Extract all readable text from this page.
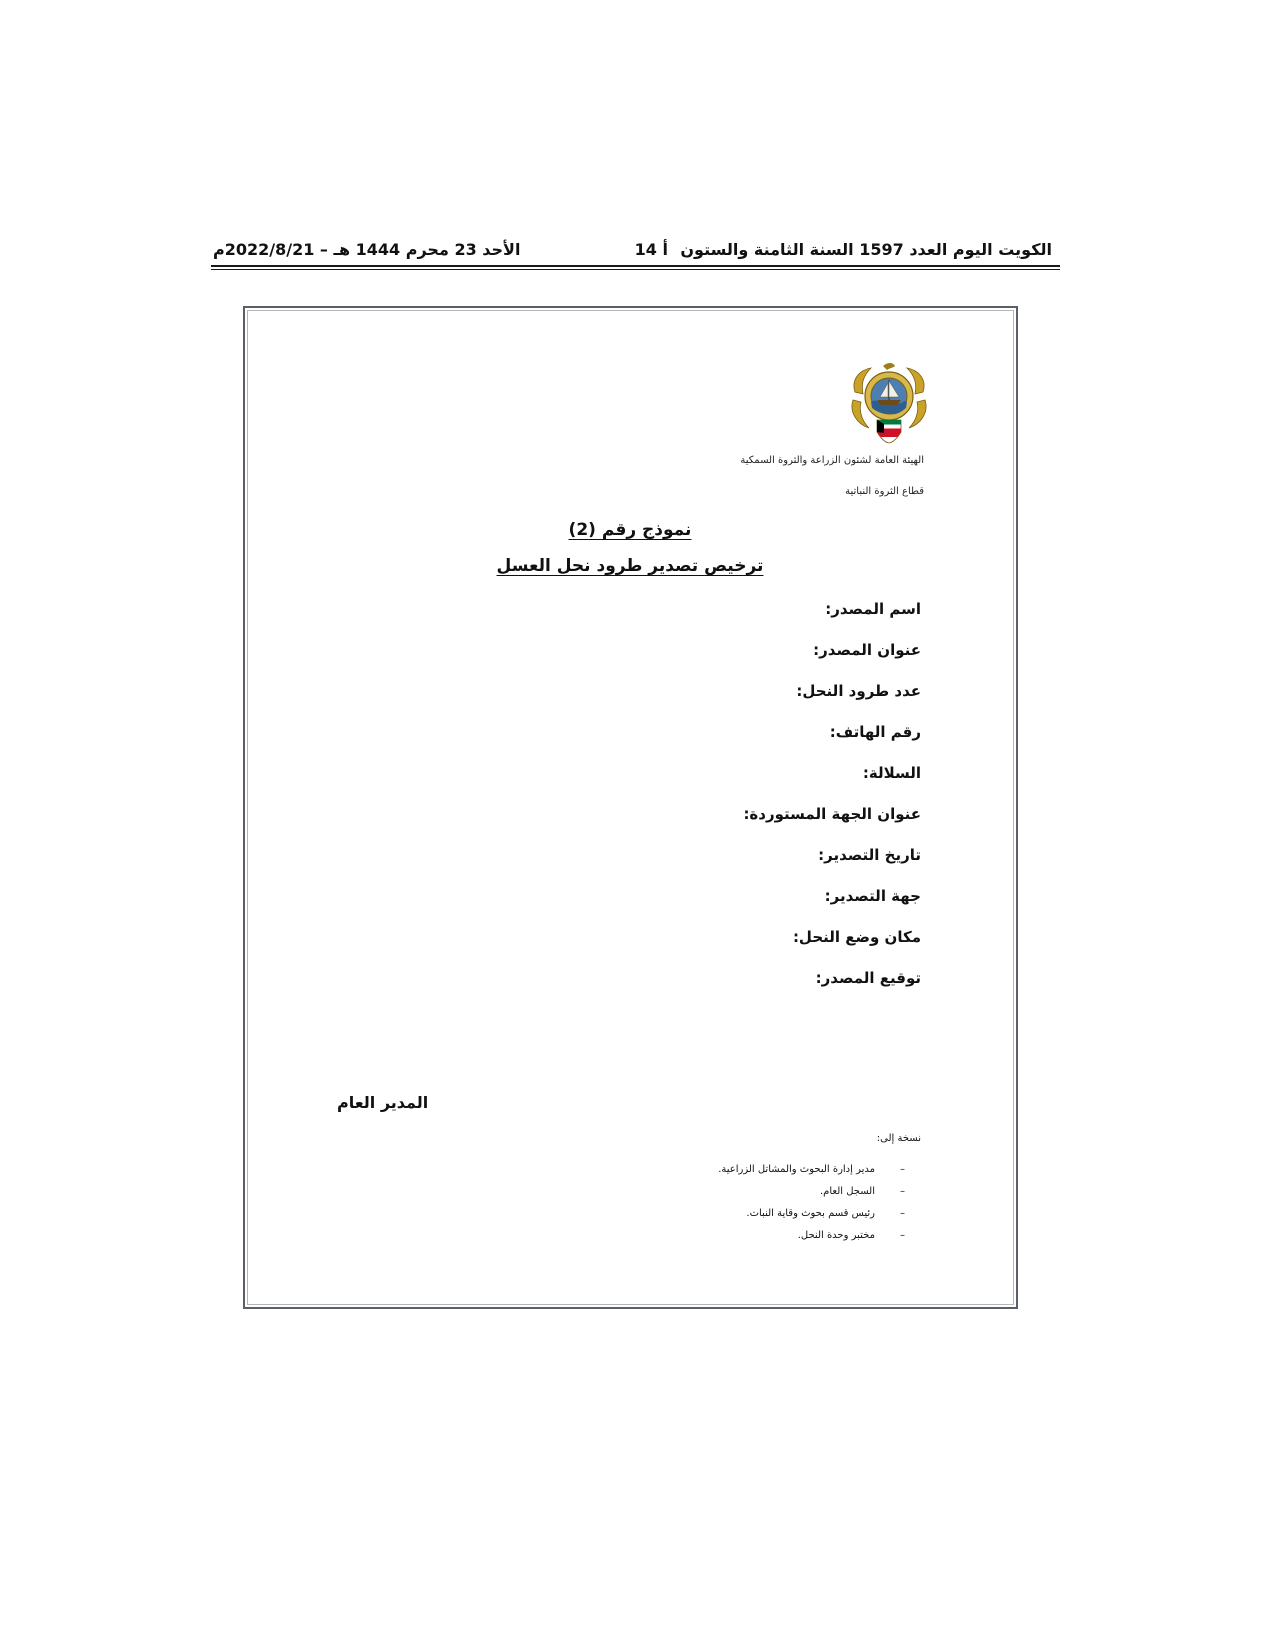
الكويت اليوم العدد 1597 السنة الثامنة والستون
أ 14
الأحد 23 محرم 1444 هـ – 2022/8/21م
الهيئة العامة لشئون الزراعة والثروة السمكية
قطاع الثروة النباتية
نموذج رقم (2)
ترخيص تصدير طرود نحل العسل
اسم المصدر:
عنوان المصدر:
عدد طرود النحل:
رقم الهاتف:
السلالة:
عنوان الجهة المستوردة:
تاريخ التصدير:
جهة التصدير:
مكان وضع النحل:
توقيع المصدر:
المدير العام
نسخة إلى:
–مدير إدارة البحوث والمشاتل الزراعية.
–السجل العام.
–رئيس قسم بحوث وقاية النبات.
–مختبر وحدة النحل.
